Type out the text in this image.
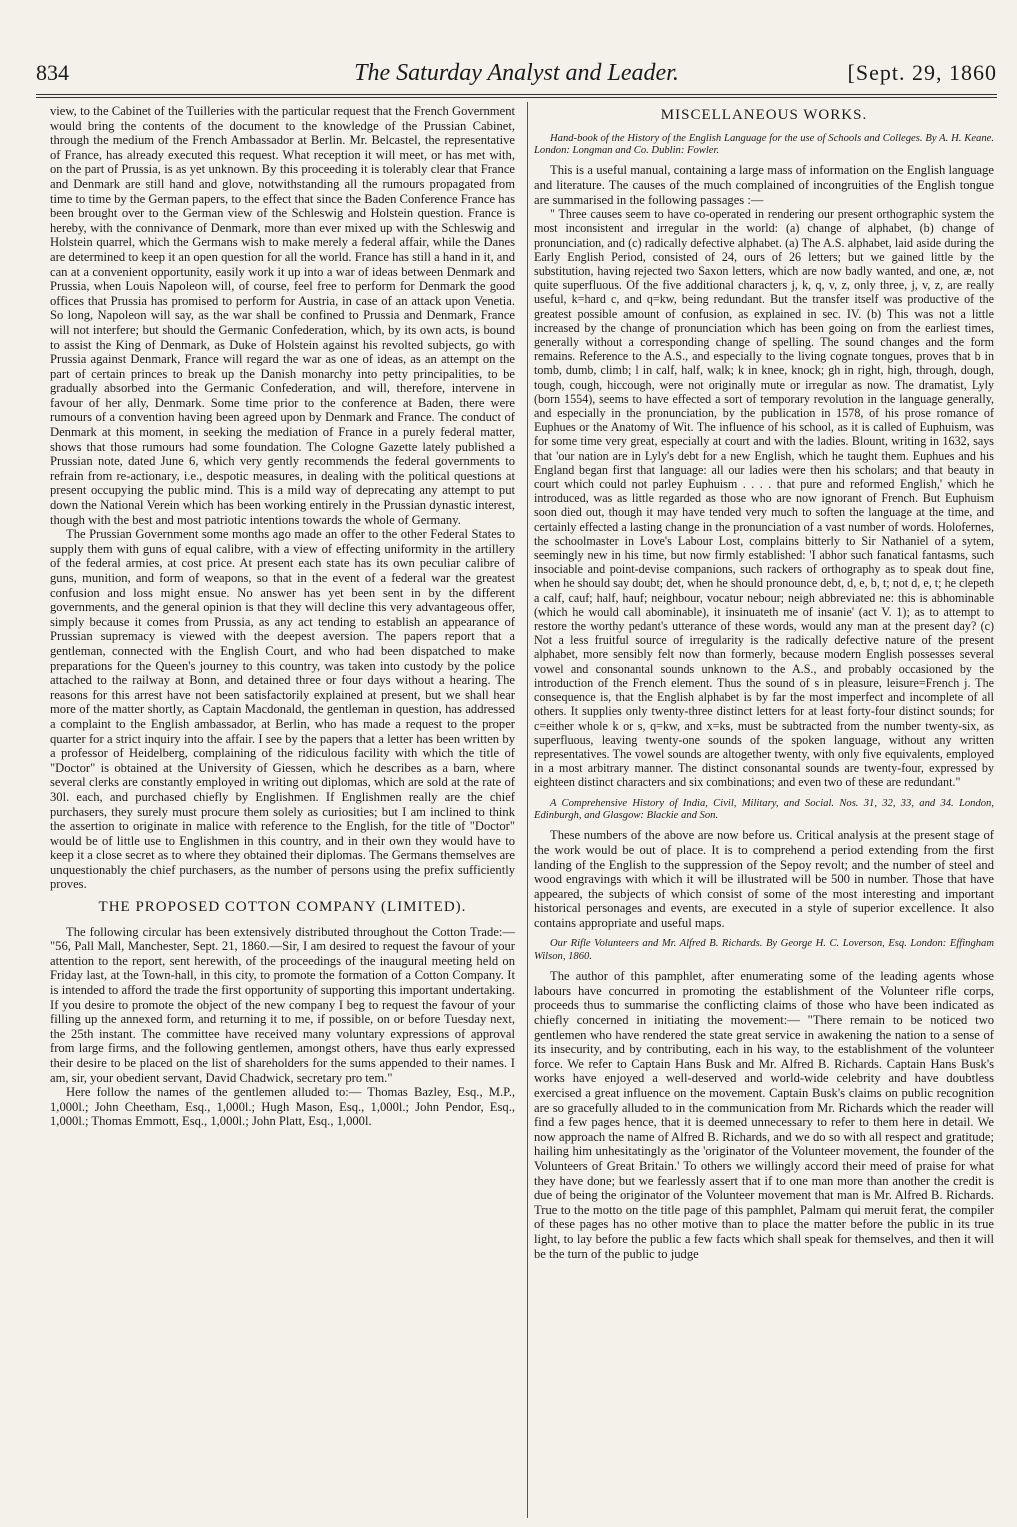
834	The Saturday Analyst and Leader.	[Sept. 29, 1860

view, to the Cabinet of the Tuilleries with the particular request that the French Government would bring the contents of the document to the knowledge of the Prussian Cabinet, through the medium of the French Ambassador at Berlin. Mr. Belcastel, the representative of France, has already executed this request. What reception it will meet, or has met with, on the part of Prussia, is as yet unknown. By this proceeding it is tolerably clear that France and Denmark are still hand and glove, notwithstanding all the rumours propagated from time to time by the German papers, to the effect that since the Baden Conference France has been brought over to the German view of the Schleswig and Holstein question. France is hereby, with the connivance of Denmark, more than ever mixed up with the Schleswig and Holstein quarrel, which the Germans wish to make merely a federal affair, while the Danes are determined to keep it an open question for all the world. France has still a hand in it, and can at a convenient opportunity, easily work it up into a war of ideas between Denmark and Prussia, when Louis Napoleon will, of course, feel free to perform for Denmark the good offices that Prussia has promised to perform for Austria, in case of an attack upon Venetia. So long, Napoleon will say, as the war shall be confined to Prussia and Denmark, France will not interfere; but should the Germanic Confederation, which, by its own acts, is bound to assist the King of Denmark, as Duke of Holstein against his revolted subjects, go with Prussia against Denmark, France will regard the war as one of ideas, as an attempt on the part of certain princes to break up the Danish monarchy into petty principalities, to be gradually absorbed into the Germanic Confederation, and will, therefore, intervene in favour of her ally, Denmark. Some time prior to the conference at Baden, there were rumours of a convention having been agreed upon by Denmark and France. The conduct of Denmark at this moment, in seeking the mediation of France in a purely federal matter, shows that those rumours had some foundation. The Cologne Gazette lately published a Prussian note, dated June 6, which very gently recommends the federal governments to refrain from re-actionary, i.e., despotic measures, in dealing with the political questions at present occupying the public mind. This is a mild way of deprecating any attempt to put down the National Verein which has been working entirely in the Prussian dynastic interest, though with the best and most patriotic intentions towards the whole of Germany.

The Prussian Government some months ago made an offer to the other Federal States to supply them with guns of equal calibre, with a view of effecting uniformity in the artillery of the federal armies, at cost price. At present each state has its own peculiar calibre of guns, munition, and form of weapons, so that in the event of a federal war the greatest confusion and loss might ensue. No answer has yet been sent in by the different governments, and the general opinion is that they will decline this very advantageous offer, simply because it comes from Prussia, as any act tending to establish an appearance of Prussian supremacy is viewed with the deepest aversion. The papers report that a gentleman, connected with the English Court, and who had been dispatched to make preparations for the Queen's journey to this country, was taken into custody by the police attached to the railway at Bonn, and detained three or four days without a hearing. The reasons for this arrest have not been satisfactorily explained at present, but we shall hear more of the matter shortly, as Captain Macdonald, the gentleman in question, has addressed a complaint to the English ambassador, at Berlin, who has made a request to the proper quarter for a strict inquiry into the affair. I see by the papers that a letter has been written by a professor of Heidelberg, complaining of the ridiculous facility with which the title of "Doctor" is obtained at the University of Giessen, which he describes as a barn, where several clerks are constantly employed in writing out diplomas, which are sold at the rate of 30l. each, and purchased chiefly by Englishmen. If Englishmen really are the chief purchasers, they surely must procure them solely as curiosities; but I am inclined to think the assertion to originate in malice with reference to the English, for the title of "Doctor" would be of little use to Englishmen in this country, and in their own they would have to keep it a close secret as to where they obtained their diplomas. The Germans themselves are unquestionably the chief purchasers, as the number of persons using the prefix sufficiently proves.

THE PROPOSED COTTON COMPANY (LIMITED).

The following circular has been extensively distributed throughout the Cotton Trade:— "56, Pall Mall, Manchester, Sept. 21, 1860.—Sir, I am desired to request the favour of your attention to the report, sent herewith, of the proceedings of the inaugural meeting held on Friday last, at the Town-hall, in this city, to promote the formation of a Cotton Company. It is intended to afford the trade the first opportunity of supporting this important undertaking. If you desire to promote the object of the new company I beg to request the favour of your filling up the annexed form, and returning it to me, if possible, on or before Tuesday next, the 25th instant. The committee have received many voluntary expressions of approval from large firms, and the following gentlemen, amongst others, have thus early expressed their desire to be placed on the list of shareholders for the sums appended to their names. I am, sir, your obedient servant, David Chadwick, secretary pro tem."

Here follow the names of the gentlemen alluded to:— Thomas Bazley, Esq., M.P., 1,000l.; John Cheetham, Esq., 1,000l.; Hugh Mason, Esq., 1,000l.; John Pendor, Esq., 1,000l.; Thomas Emmott, Esq., 1,000l.; John Platt, Esq., 1,000l.

MISCELLANEOUS WORKS.

Hand-book of the History of the English Language for the use of Schools and Colleges. By A. H. Keane. London: Longman and Co. Dublin: Fowler.

This is a useful manual, containing a large mass of information on the English language and literature. The causes of the much complained of incongruities of the English tongue are summarised in the following passages :—

" Three causes seem to have co-operated in rendering our present orthographic system the most inconsistent and irregular in the world: (a) change of alphabet, (b) change of pronunciation, and (c) radically defective alphabet. (a) The A.S. alphabet, laid aside during the Early English Period, consisted of 24, ours of 26 letters; but we gained little by the substitution, having rejected two Saxon letters, which are now badly wanted, and one, æ, not quite superfluous. Of the five additional characters j, k, q, v, z, only three, j, v, z, are really useful, k=hard c, and q=kw, being redundant. But the transfer itself was productive of the greatest possible amount of confusion, as explained in sec. IV. (b) This was not a little increased by the change of pronunciation which has been going on from the earliest times, generally without a corresponding change of spelling. The sound changes and the form remains. Reference to the A.S., and especially to the living cognate tongues, proves that b in tomb, dumb, climb; l in calf, half, walk; k in knee, knock; gh in right, high, through, dough, tough, cough, hiccough, were not originally mute or irregular as now. The dramatist, Lyly (born 1554), seems to have effected a sort of temporary revolution in the language generally, and especially in the pronunciation, by the publication in 1578, of his prose romance of Euphues or the Anatomy of Wit. The influence of his school, as it is called of Euphuism, was for some time very great, especially at court and with the ladies. Blount, writing in 1632, says that 'our nation are in Lyly's debt for a new English, which he taught them. Euphues and his England began first that language: all our ladies were then his scholars; and that beauty in court which could not parley Euphuism . . . . that pure and reformed English,' which he introduced, was as little regarded as those who are now ignorant of French. But Euphuism soon died out, though it may have tended very much to soften the language at the time, and certainly effected a lasting change in the pronunciation of a vast number of words. Holofernes, the schoolmaster in Love's Labour Lost, complains bitterly to Sir Nathaniel of a sytem, seemingly new in his time, but now firmly established: 'I abhor such fanatical fantasms, such insociable and point-devise companions, such rackers of orthography as to speak dout fine, when he should say doubt; det, when he should pronounce debt, d, e, b, t; not d, e, t; he clepeth a calf, cauf; half, hauf; neighbour, vocatur nebour; neigh abbreviated ne: this is abhominable (which he would call abominable), it insinuateth me of insanie' (act V. 1); as to attempt to restore the worthy pedant's utterance of these words, would any man at the present day? (c) Not a less fruitful source of irregularity is the radically defective nature of the present alphabet, more sensibly felt now than formerly, because modern English possesses several vowel and consonantal sounds unknown to the A.S., and probably occasioned by the introduction of the French element. Thus the sound of s in pleasure, leisure=French j. The consequence is, that the English alphabet is by far the most imperfect and incomplete of all others. It supplies only twenty-three distinct letters for at least forty-four distinct sounds; for c=either whole k or s, q=kw, and x=ks, must be subtracted from the number twenty-six, as superfluous, leaving twenty-one sounds of the spoken language, without any written representatives. The vowel sounds are altogether twenty, with only five equivalents, employed in a most arbitrary manner. The distinct consonantal sounds are twenty-four, expressed by eighteen distinct characters and six combinations; and even two of these are redundant."

A Comprehensive History of India, Civil, Military, and Social. Nos. 31, 32, 33, and 34. London, Edinburgh, and Glasgow: Blackie and Son.

These numbers of the above are now before us. Critical analysis at the present stage of the work would be out of place. It is to comprehend a period extending from the first landing of the English to the suppression of the Sepoy revolt; and the number of steel and wood engravings with which it will be illustrated will be 500 in number. Those that have appeared, the subjects of which consist of some of the most interesting and important historical personages and events, are executed in a style of superior excellence. It also contains appropriate and useful maps.

Our Rifle Volunteers and Mr. Alfred B. Richards. By George H. C. Loverson, Esq. London: Effingham Wilson, 1860.

The author of this pamphlet, after enumerating some of the leading agents whose labours have concurred in promoting the establishment of the Volunteer rifle corps, proceeds thus to summarise the conflicting claims of those who have been indicated as chiefly concerned in initiating the movement:— "There remain to be noticed two gentlemen who have rendered the state great service in awakening the nation to a sense of its insecurity, and by contributing, each in his way, to the establishment of the volunteer force. We refer to Captain Hans Busk and Mr. Alfred B. Richards. Captain Hans Busk's works have enjoyed a well-deserved and world-wide celebrity and have doubtless exercised a great influence on the movement. Captain Busk's claims on public recognition are so gracefully alluded to in the communication from Mr. Richards which the reader will find a few pages hence, that it is deemed unnecessary to refer to them here in detail. We now approach the name of Alfred B. Richards, and we do so with all respect and gratitude; hailing him unhesitatingly as the 'originator of the Volunteer movement, the founder of the Volunteers of Great Britain.' To others we willingly accord their meed of praise for what they have done; but we fearlessly assert that if to one man more than another the credit is due of being the originator of the Volunteer movement that man is Mr. Alfred B. Richards. True to the motto on the title page of this pamphlet, Palmam qui meruit ferat, the compiler of these pages has no other motive than to place the matter before the public in its true light, to lay before the public a few facts which shall speak for themselves, and then it will be the turn of the public to judge
